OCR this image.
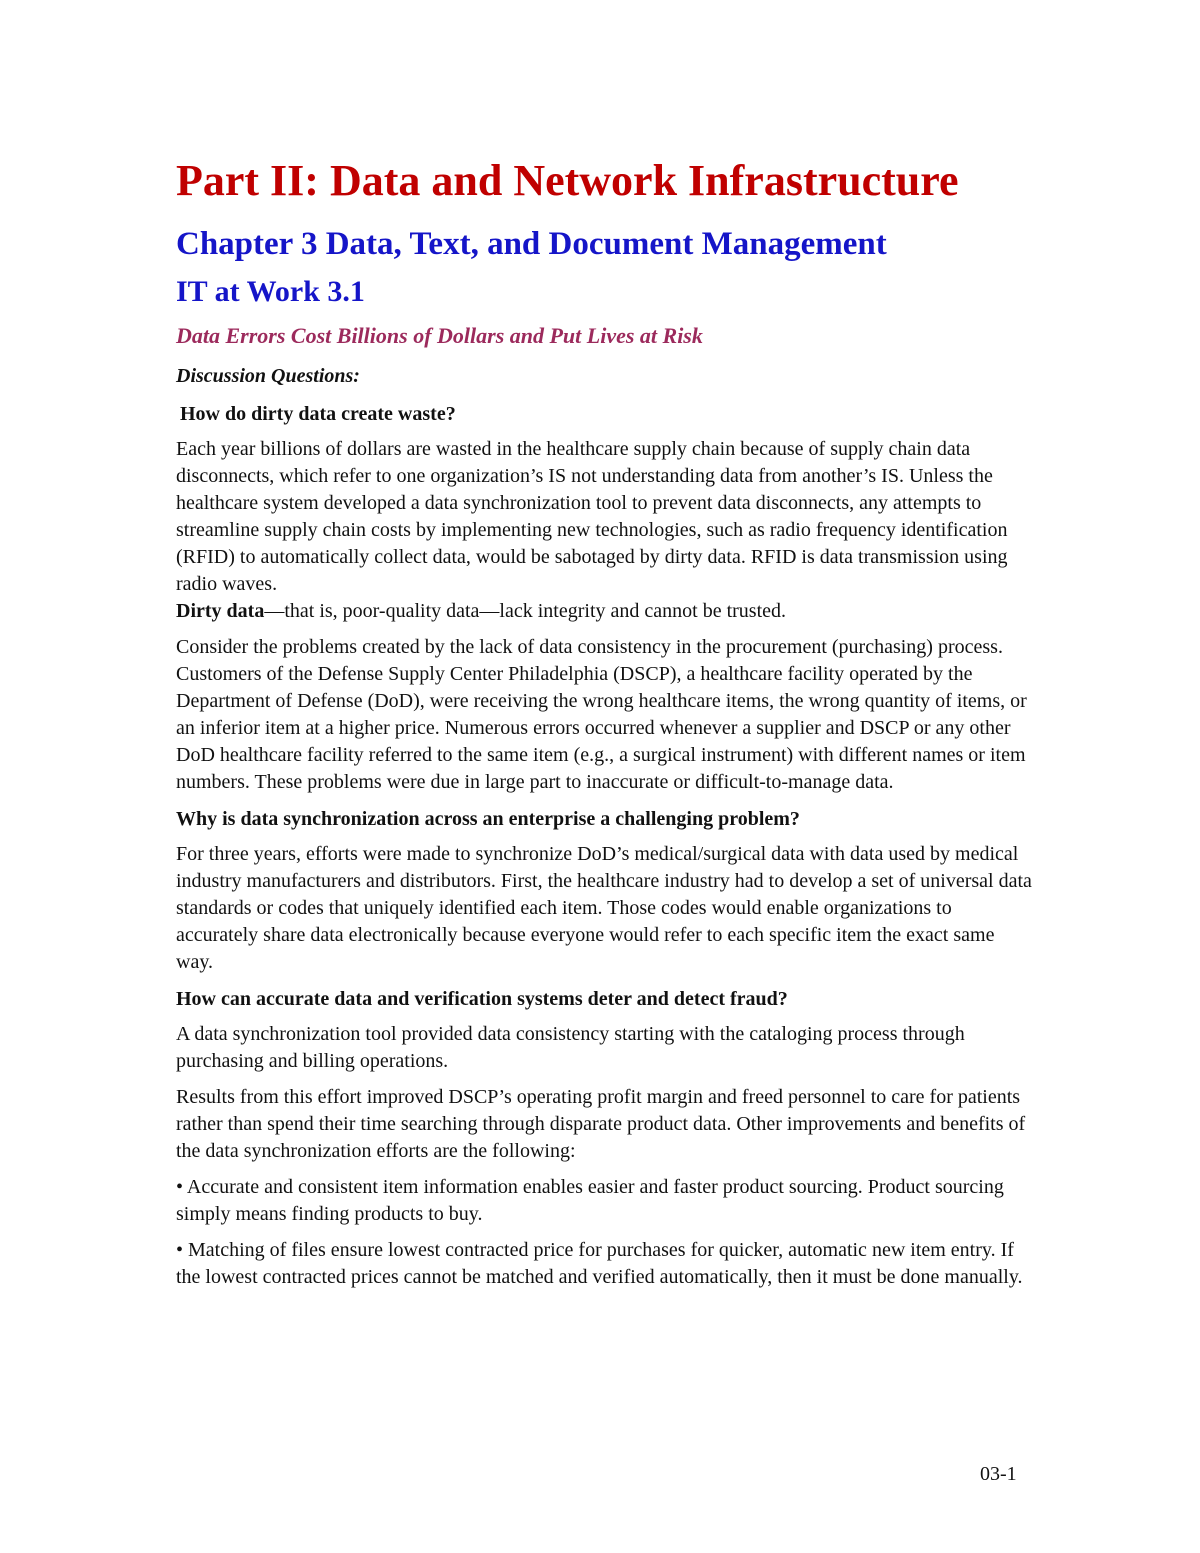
Part II: Data and Network Infrastructure
Chapter 3 Data, Text, and Document Management
IT at Work 3.1
Data Errors Cost Billions of Dollars and Put Lives at Risk
Discussion Questions:
How do dirty data create waste?

Each year billions of dollars are wasted in the healthcare supply chain because of supply chain data disconnects, which refer to one organization’s IS not understanding data from another’s IS. Unless the healthcare system developed a data synchronization tool to prevent data disconnects, any attempts to streamline supply chain costs by implementing new technologies, such as radio frequency identification (RFID) to automatically collect data, would be sabotaged by dirty data. RFID is data transmission using radio waves.
Dirty data—that is, poor-quality data—lack integrity and cannot be trusted.

Consider the problems created by the lack of data consistency in the procurement (purchasing) process. Customers of the Defense Supply Center Philadelphia (DSCP), a healthcare facility operated by the Department of Defense (DoD), were receiving the wrong healthcare items, the wrong quantity of items, or an inferior item at a higher price. Numerous errors occurred whenever a supplier and DSCP or any other DoD healthcare facility referred to the same item (e.g., a surgical instrument) with different names or item numbers. These problems were due in large part to inaccurate or difficult-to-manage data.

Why is data synchronization across an enterprise a challenging problem?

For three years, efforts were made to synchronize DoD’s medical/surgical data with data used by medical industry manufacturers and distributors. First, the healthcare industry had to develop a set of universal data standards or codes that uniquely identified each item. Those codes would enable organizations to accurately share data electronically because everyone would refer to each specific item the exact same way.

How can accurate data and verification systems deter and detect fraud?

A data synchronization tool provided data consistency starting with the cataloging process through purchasing and billing operations.

Results from this effort improved DSCP’s operating profit margin and freed personnel to care for patients rather than spend their time searching through disparate product data. Other improvements and benefits of the data synchronization efforts are the following:

• Accurate and consistent item information enables easier and faster product sourcing. Product sourcing simply means finding products to buy.

• Matching of files ensure lowest contracted price for purchases for quicker, automatic new item entry. If the lowest contracted prices cannot be matched and verified automatically, then it must be done manually.

03-1
